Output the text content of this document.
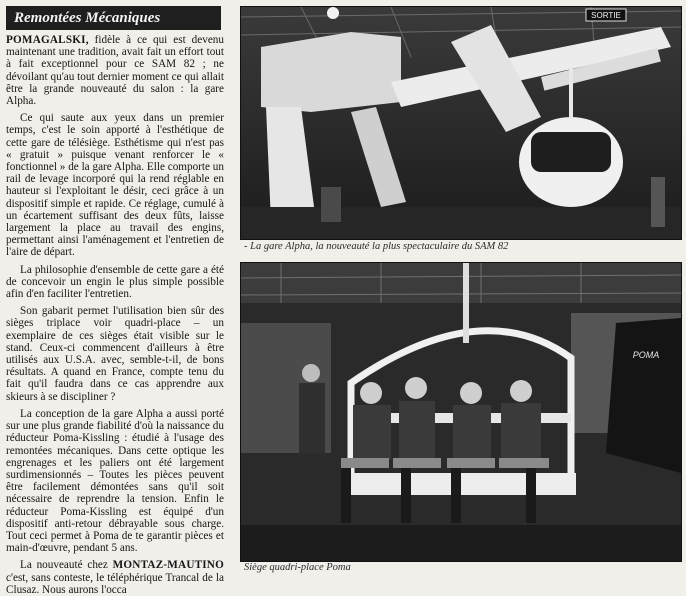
Remontées Mécaniques

POMAGALSKI, fidèle à ce qui est devenu maintenant une tradition, avait fait un effort tout à fait exceptionnel pour ce SAM 82 ; ne dévoilant qu'au tout dernier moment ce qui allait être la grande nouveauté du salon : la gare Alpha.

Ce qui saute aux yeux dans un premier temps, c'est le soin apporté à l'esthétique de cette gare de télésiège. Esthétisme qui n'est pas « gratuit » puisque venant renforcer le « fonctionnel » de la gare Alpha. Elle comporte un rail de levage incorporé qui la rend réglable en hauteur si l'exploitant le désir, ceci grâce à un dispositif simple et rapide. Ce réglage, cumulé à un écartement suffisant des deux fûts, laisse largement la place au travail des engins, permettant ainsi l'aménagement et l'entretien de l'aire de départ.

La philosophie d'ensemble de cette gare a été de concevoir un engin le plus simple possible afin d'en faciliter l'entretien.

Son gabarit permet l'utilisation bien sûr des sièges triplace voir quadri-place – un exemplaire de ces sièges était visible sur le stand. Ceux-ci commencent d'ailleurs à être utilisés aux U.S.A. avec, semble-t-il, de bons résultats. A quand en France, compte tenu du fait qu'il faudra dans ce cas apprendre aux skieurs à se discipliner ?

La conception de la gare Alpha a aussi porté sur une plus grande fiabilité d'où la naissance du réducteur Poma-Kissling : étudié à l'usage des remontées mécaniques. Dans cette optique les engrenages et les paliers ont été largement surdimensionnés – Toutes les pièces peuvent être facilement démontées sans qu'il soit nécessaire de reprendre la tension. Enfin le réducteur Poma-Kissling est équipé d'un dispositif anti-retour débrayable sous charge. Tout ceci permet à Poma de te garantir pièces et main-d'œuvre, pendant 5 ans.

La nouveauté chez MONTAZ-MAUTINO c'est, sans conteste, le téléphérique Trancal de la Clusaz. Nous aurons l'occa

SORTIE
- La gare Alpha, la nouveauté la plus spectaculaire du SAM 82
POMA
Siège quadri-place Poma
